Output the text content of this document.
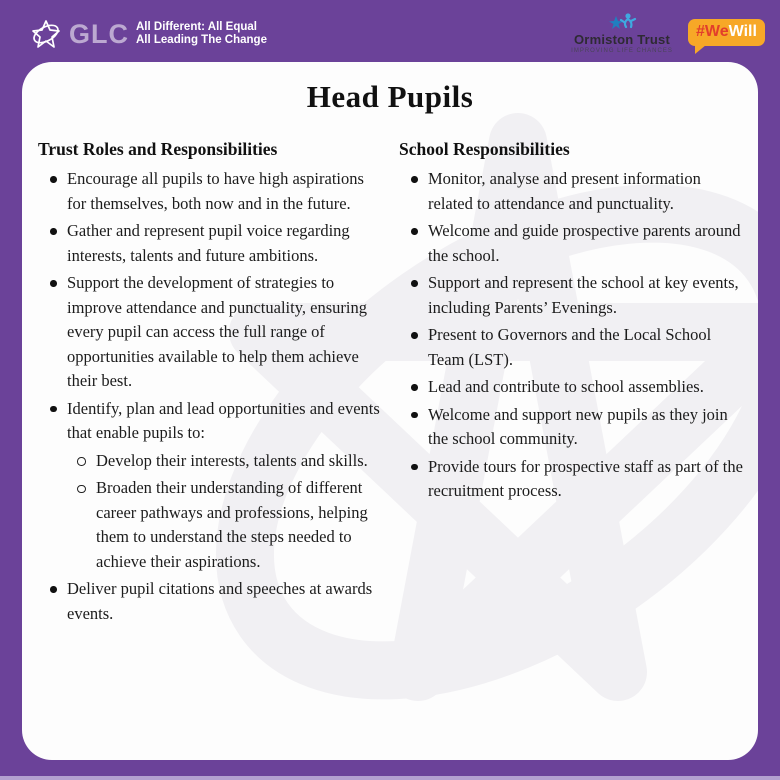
GLC All Different: All Equal
All Leading The Change	Ormiston Trust
IMPROVING LIFE CHANCES
#WeWill
Head Pupils
Trust Roles and Responsibilities
Encourage all pupils to have high aspirations for themselves, both now and in the future.
Gather and represent pupil voice regarding interests, talents and future ambitions.
Support the development of strategies to improve attendance and punctuality, ensuring every pupil can access the full range of opportunities available to help them achieve their best.
Identify, plan and lead opportunities and events that enable pupils to:
Develop their interests, talents and skills.
Broaden their understanding of different career pathways and professions, helping them to understand the steps needed to achieve their aspirations.
Deliver pupil citations and speeches at awards events.
School Responsibilities
Monitor, analyse and present information related to attendance and punctuality.
Welcome and guide prospective parents around the school.
Support and represent the school at key events, including Parents’ Evenings.
Present to Governors and the Local School Team (LST).
Lead and contribute to school assemblies.
Welcome and support new pupils as they join the school community.
Provide tours for prospective staff as part of the recruitment process.
